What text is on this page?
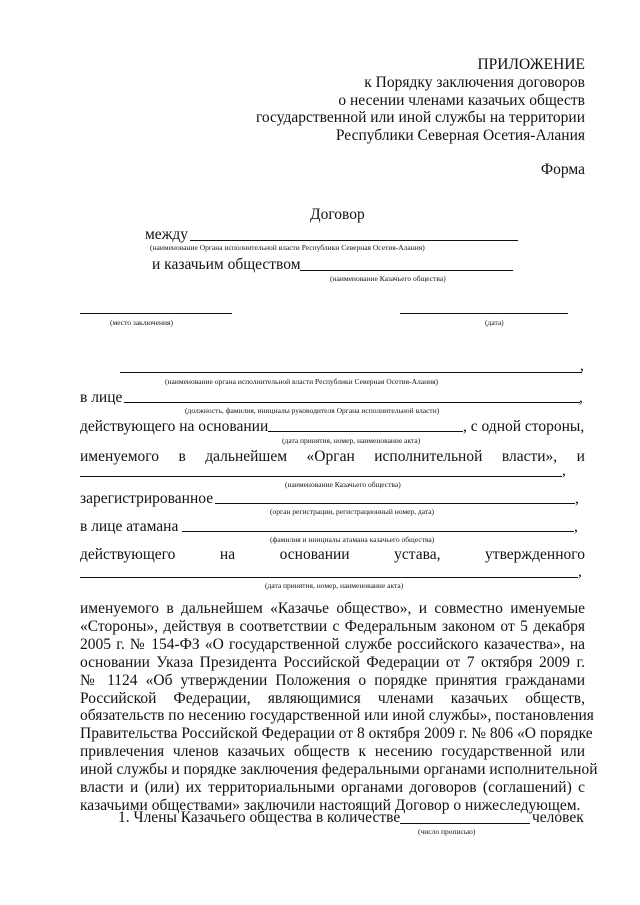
ПРИЛОЖЕНИЕ
к Порядку заключения договоров
о несении членами казачьих обществ
государственной или иной службы на территории
Республики Северная Осетия-Алания
Форма
Договор
между
(наименование Органа исполнительной власти Республики Северная Осетия-Алания)
и казачьим обществом
(наименование Казачьего общества)
(место заключения)	(дата)
,
(наименование органа исполнительной власти Республики Северная Осетия-Алания)
в лице	,
(должность, фамилия, инициалы руководителя Органа исполнительной власти)
действующего на основании	, с одной стороны,
(дата принятия, номер, наименование акта)
именуемого в дальнейшем «Орган исполнительной власти», и
,
(наименование Казачьего общества)
зарегистрированное	,
(орган регистрации, регистрационный номер, дата)
в лице атамана	,
(фамилия и инициалы атамана казачьего общества)
действующего	на	основании	устава,	утвержденного
,
(дата принятия, номер, наименование акта)
именуемого в дальнейшем «Казачье общество», и совместно именуемые
«Стороны», действуя в соответствии с Федеральным законом от 5 декабря
2005 г. № 154-ФЗ «О государственной службе российского казачества», на
основании Указа Президента Российской Федерации от 7 октября 2009 г.
№ 1124 «Об утверждении Положения о порядке принятия гражданами
Российской Федерации, являющимися членами казачьих обществ,
обязательств по несению государственной или иной службы», постановления
Правительства Российской Федерации от 8 октября 2009 г. № 806 «О порядке
привлечения членов казачьих обществ к несению государственной или
иной службы и порядке заключения федеральными органами исполнительной
власти и (или) их территориальными органами договоров (соглашений) с
казачьими обществами» заключили настоящий Договор о нижеследующем.
1. Члены Казачьего общества в количестве	человек
(число прописью)
